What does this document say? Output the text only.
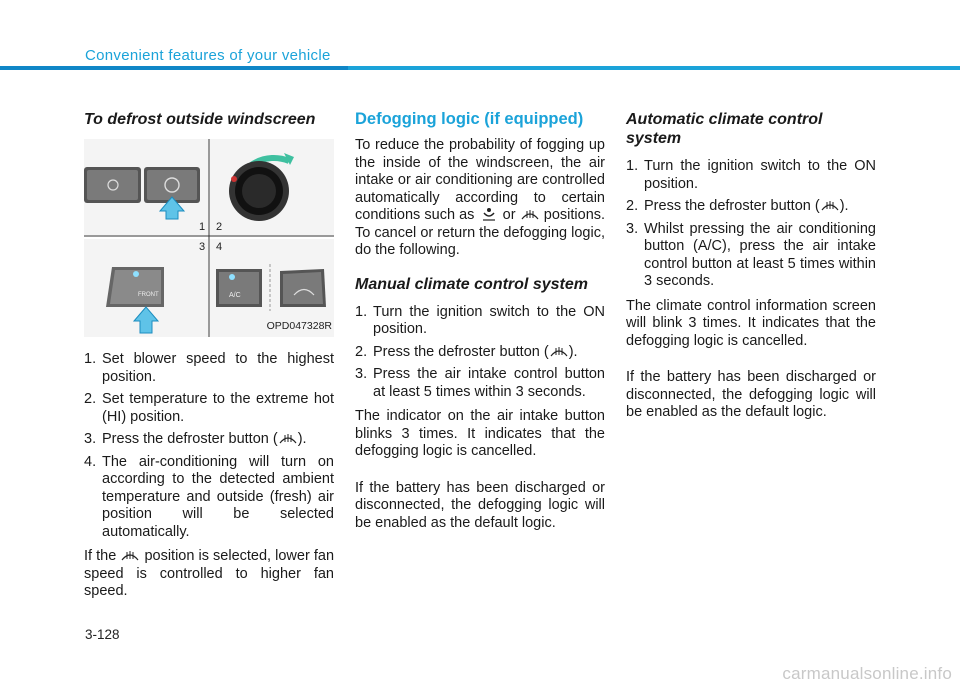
Convenient features of your vehicle
To defrost outside windscreen
1 2
3 4
FRONT	A/C
OPD047328R
1. Set blower speed to the highest position.
2. Set temperature to the extreme hot (HI) position.
3. Press the defroster button ( ).
4. The air-conditioning will turn on according to the detected ambient temperature and outside (fresh) air position will be selected automatically.

If the position is selected, lower fan speed is controlled to higher fan speed.

Defogging logic (if equipped)

To reduce the probability of fogging up the inside of the windscreen, the air intake or air conditioning are controlled automatically according to certain conditions such as or positions. To cancel or return the defogging logic, do the following.

Manual climate control system
1. Turn the ignition switch to the ON position.
2. Press the defroster button ( ).
3. Press the air intake control button at least 5 times within 3 seconds.

The indicator on the air intake button blinks 3 times. It indicates that the defogging logic is cancelled.

If the battery has been discharged or disconnected, the defogging logic will be enabled as the default logic.

Automatic climate control system
1. Turn the ignition switch to the ON position.
2. Press the defroster button ( ).
3. Whilst pressing the air conditioning button (A/C), press the air intake control button at least 5 times within 3 seconds.

The climate control information screen will blink 3 times. It indicates that the defogging logic is cancelled.

If the battery has been discharged or disconnected, the defogging logic will be enabled as the default logic.

3-128
carmanualsonline.info
